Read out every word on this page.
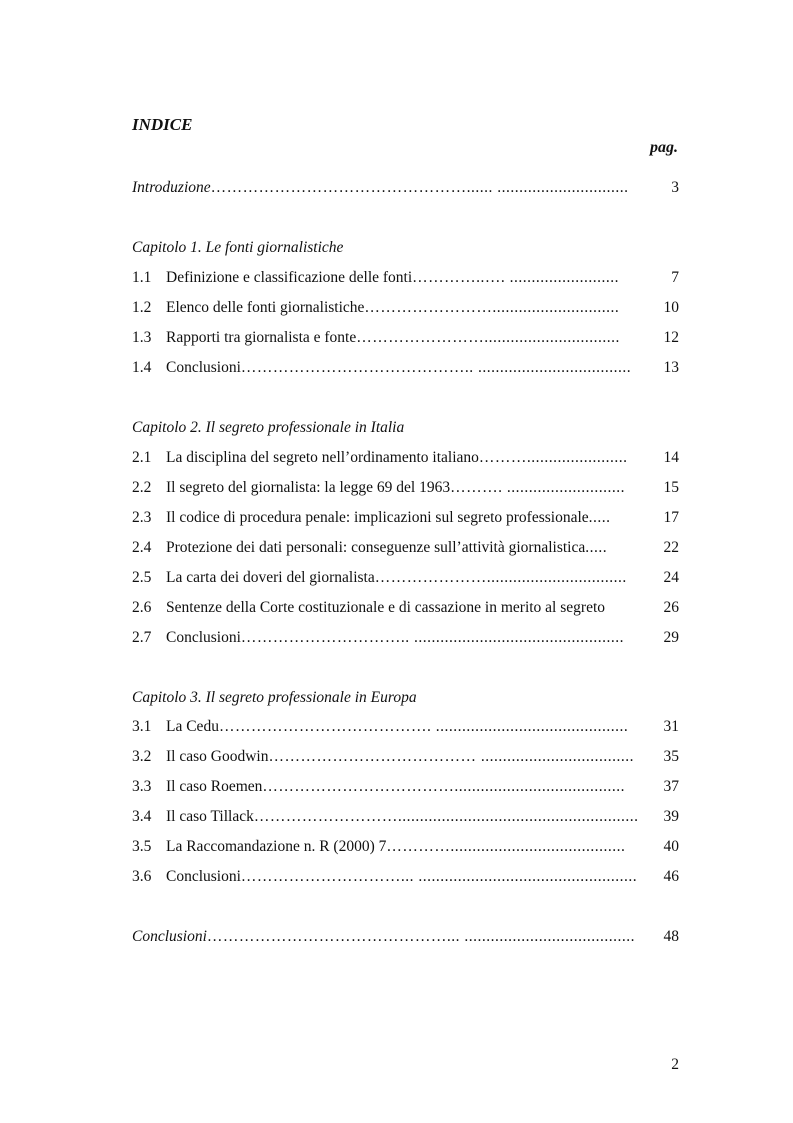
INDICE
pag.
Introduzione …………………………………………...... ..............................	3
Capitolo 1. Le fonti giornalistiche
1.1 Definizione e classificazione delle fonti …………..…. .........................	7
1.2 Elenco delle fonti giornalistiche …………………….............................	10
1.3 Rapporti tra giornalista e fonte ……………………...............................	12
1.4 Conclusioni …………………………………….. ...................................	13
Capitolo 2. Il segreto professionale in Italia
2.1 La disciplina del segreto nell’ordinamento italiano ……….......................	14
2.2 Il segreto del giornalista: la legge 69 del 1963 ………. ...........................	15
2.3 Il codice di procedura penale: implicazioni sul segreto professionale .....	17
2.4 Protezione dei dati personali: conseguenze sull’attività giornalistica .....	22
2.5 La carta dei doveri del giornalista …………………................................	24
2.6 Sentenze della Corte costituzionale e di cassazione in merito al segreto	26
2.7 Conclusioni ………………………….. ................................................	29
Capitolo 3. Il segreto professionale in Europa
3.1 La Cedu …………………………………. ............................................	31
3.2 Il caso Goodwin ………………………………… ...................................	35
3.3 Il caso Roemen ……………………………….......................................	37
3.4 Il caso Tillack ……………………….......................................................	39
3.5 La Raccomandazione n. R (2000) 7 …………........................................	40
3.6 Conclusioni …………………………... ..................................................	46
Conclusioni ………………………………………... .......................................	48
2
